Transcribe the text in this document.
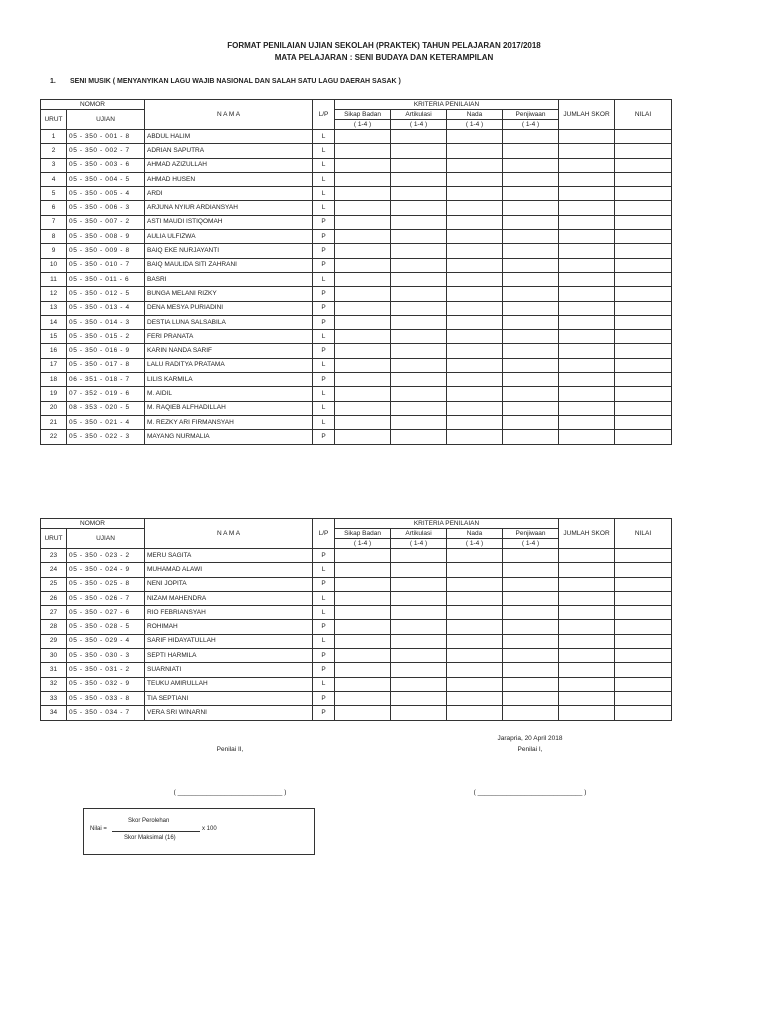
FORMAT PENILAIAN UJIAN SEKOLAH (PRAKTEK) TAHUN PELAJARAN 2017/2018
MATA PELAJARAN : SENI BUDAYA DAN KETERAMPILAN
1. SENI MUSIK ( MENYANYIKAN LAGU WAJIB NASIONAL DAN SALAH SATU LAGU DAERAH SASAK )
NOMOR		N A M A	L/P	KRITERIA PENILAIAN				JUMLAH SKOR	NILAI
URUT	UJIAN			Sikap Badan	Artikulasi	Nada	Penjiwaan		
				( 1-4 )	( 1-4 )	( 1-4 )	( 1-4 )		
1	05 - 350 - 001 - 8	ABDUL HALIM	L						
2	05 - 350 - 002 - 7	ADRIAN SAPUTRA	L						
3	05 - 350 - 003 - 6	AHMAD AZIZULLAH	L						
4	05 - 350 - 004 - 5	AHMAD HUSEN	L						
5	05 - 350 - 005 - 4	ARDI	L						
6	05 - 350 - 006 - 3	ARJUNA NYIUR ARDIANSYAH	L						
7	05 - 350 - 007 - 2	ASTI MAUDI ISTIQOMAH	P						
8	05 - 350 - 008 - 9	AULIA ULFIZWA	P						
9	05 - 350 - 009 - 8	BAIQ EKE NURJAYANTI	P						
10	05 - 350 - 010 - 7	BAIQ MAULIDA SITI ZAHRANI	P						
11	05 - 350 - 011 - 6	BASRI	L						
12	05 - 350 - 012 - 5	BUNGA MELANI RIZKY	P						
13	05 - 350 - 013 - 4	DENA MESYA PURIADINI	P						
14	05 - 350 - 014 - 3	DESTIA LUNA SALSABILA	P						
15	05 - 350 - 015 - 2	FERI PRANATA	L						
16	05 - 350 - 016 - 9	KARIN NANDA SARIF	P						
17	05 - 350 - 017 - 8	LALU RADITYA PRATAMA	L						
18	06 - 351 - 018 - 7	LILIS KARMILA	P						
19	07 - 352 - 019 - 6	M. AIDIL	L						
20	08 - 353 - 020 - 5	M. RAQIEB ALFHADILLAH	L						
21	05 - 350 - 021 - 4	M. REZKY ARI FIRMANSYAH	L						
22	05 - 350 - 022 - 3	MAYANG NURMALIA	P						
NOMOR		N A M A	L/P	KRITERIA PENILAIAN				JUMLAH SKOR	NILAI
URUT	UJIAN			Sikap Badan	Artikulasi	Nada	Penjiwaan		
				( 1-4 )	( 1-4 )	( 1-4 )	( 1-4 )		
23	05 - 350 - 023 - 2	MERU SAGITA	P						
24	05 - 350 - 024 - 9	MUHAMAD ALAWI	L						
25	05 - 350 - 025 - 8	NENI JOPITA	P						
26	05 - 350 - 026 - 7	NIZAM MAHENDRA	L						
27	05 - 350 - 027 - 6	RIO FEBRIANSYAH	L						
28	05 - 350 - 028 - 5	ROHIMAH	P						
29	05 - 350 - 029 - 4	SARIF HIDAYATULLAH	L						
30	05 - 350 - 030 - 3	SEPTI HARMILA	P						
31	05 - 350 - 031 - 2	SUARNIATI	P						
32	05 - 350 - 032 - 9	TEUKU AMIRULLAH	L						
33	05 - 350 - 033 - 8	TIA SEPTIANI	P						
34	05 - 350 - 034 - 7	VERA SRI WINARNI	P						
Jarapria, 20 April 2018
Penilai I,
Penilai II,
( _____________________________ )	( _____________________________ )
Nilai =
Skor Perolehan
Skor Maksimal (16)
x 100
